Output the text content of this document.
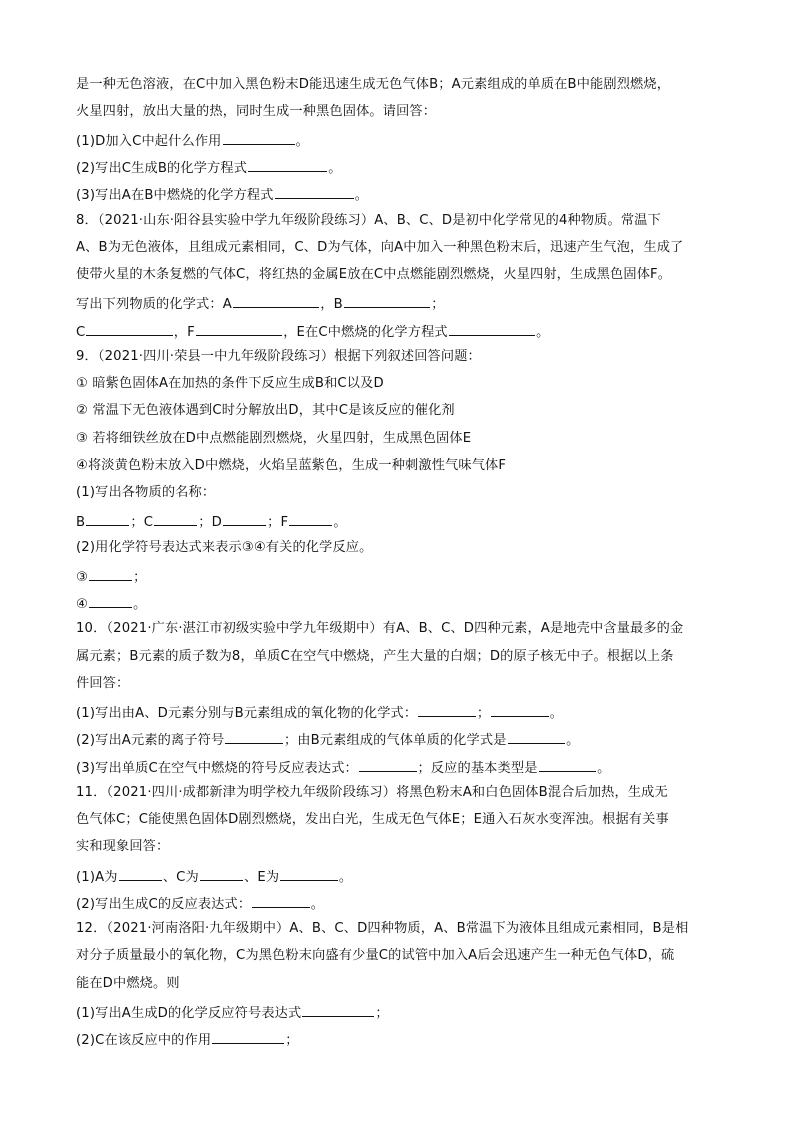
是一种无色溶液，在C中加入黑色粉末D能迅速生成无色气体B；A元素组成的单质在B中能剧烈燃烧，
火星四射，放出大量的热，同时生成一种黑色固体。请回答：
(1)D加入C中起什么作用	。
(2)写出C生成B的化学方程式	。
(3)写出A在B中燃烧的化学方程式	。
8．（2021·山东·阳谷县实验中学九年级阶段练习）A、B、C、D是初中化学常见的4种物质。常温下
A、B为无色液体，且组成元素相同，C、D为气体，向A中加入一种黑色粉末后，迅速产生气泡，生成了
使带火星的木条复燃的气体C，将红热的金属E放在C中点燃能剧烈燃烧，火星四射，生成黑色固体F。
写出下列物质的化学式：A	，B	；
C	，F	，E在C中燃烧的化学方程式	。
9．（2021·四川·荣县一中九年级阶段练习）根据下列叙述回答问题：
① 暗紫色固体A在加热的条件下反应生成B和C以及D
② 常温下无色液体遇到C时分解放出D，其中C是该反应的催化剂
③ 若将细铁丝放在D中点燃能剧烈燃烧，火星四射，生成黑色固体E
④将淡黄色粉末放入D中燃烧，火焰呈蓝紫色，生成一种刺激性气味气体F
(1)写出各物质的名称：
B	；C	；D	；F	。
(2)用化学符号表达式来表示③④有关的化学反应。
③	；
④	。
10．（2021·广东·湛江市初级实验中学九年级期中）有A、B、C、D四种元素，A是地壳中含量最多的金
属元素；B元素的质子数为8，单质C在空气中燃烧，产生大量的白烟；D的原子核无中子。根据以上条
件回答：
(1)写出由A、D元素分别与B元素组成的氧化物的化学式：	；	。
(2)写出A元素的离子符号	；由B元素组成的气体单质的化学式是	。
(3)写出单质C在空气中燃烧的符号反应表达式：	；反应的基本类型是	。
11．（2021·四川·成都新津为明学校九年级阶段练习）将黑色粉末A和白色固体B混合后加热，生成无
色气体C；C能使黑色固体D剧烈燃烧，发出白光，生成无色气体E；E通入石灰水变浑浊。根据有关事
实和现象回答：
(1)A为	、C为	、E为	。
(2)写出生成C的反应表达式：	。
12．（2021·河南洛阳·九年级期中）A、B、C、D四种物质，A、B常温下为液体且组成元素相同，B是相
对分子质量最小的氧化物，C为黑色粉末向盛有少量C的试管中加入A后会迅速产生一种无色气体D，硫
能在D中燃烧。则
(1)写出A生成D的化学反应符号表达式	；
(2)C在该反应中的作用	；
